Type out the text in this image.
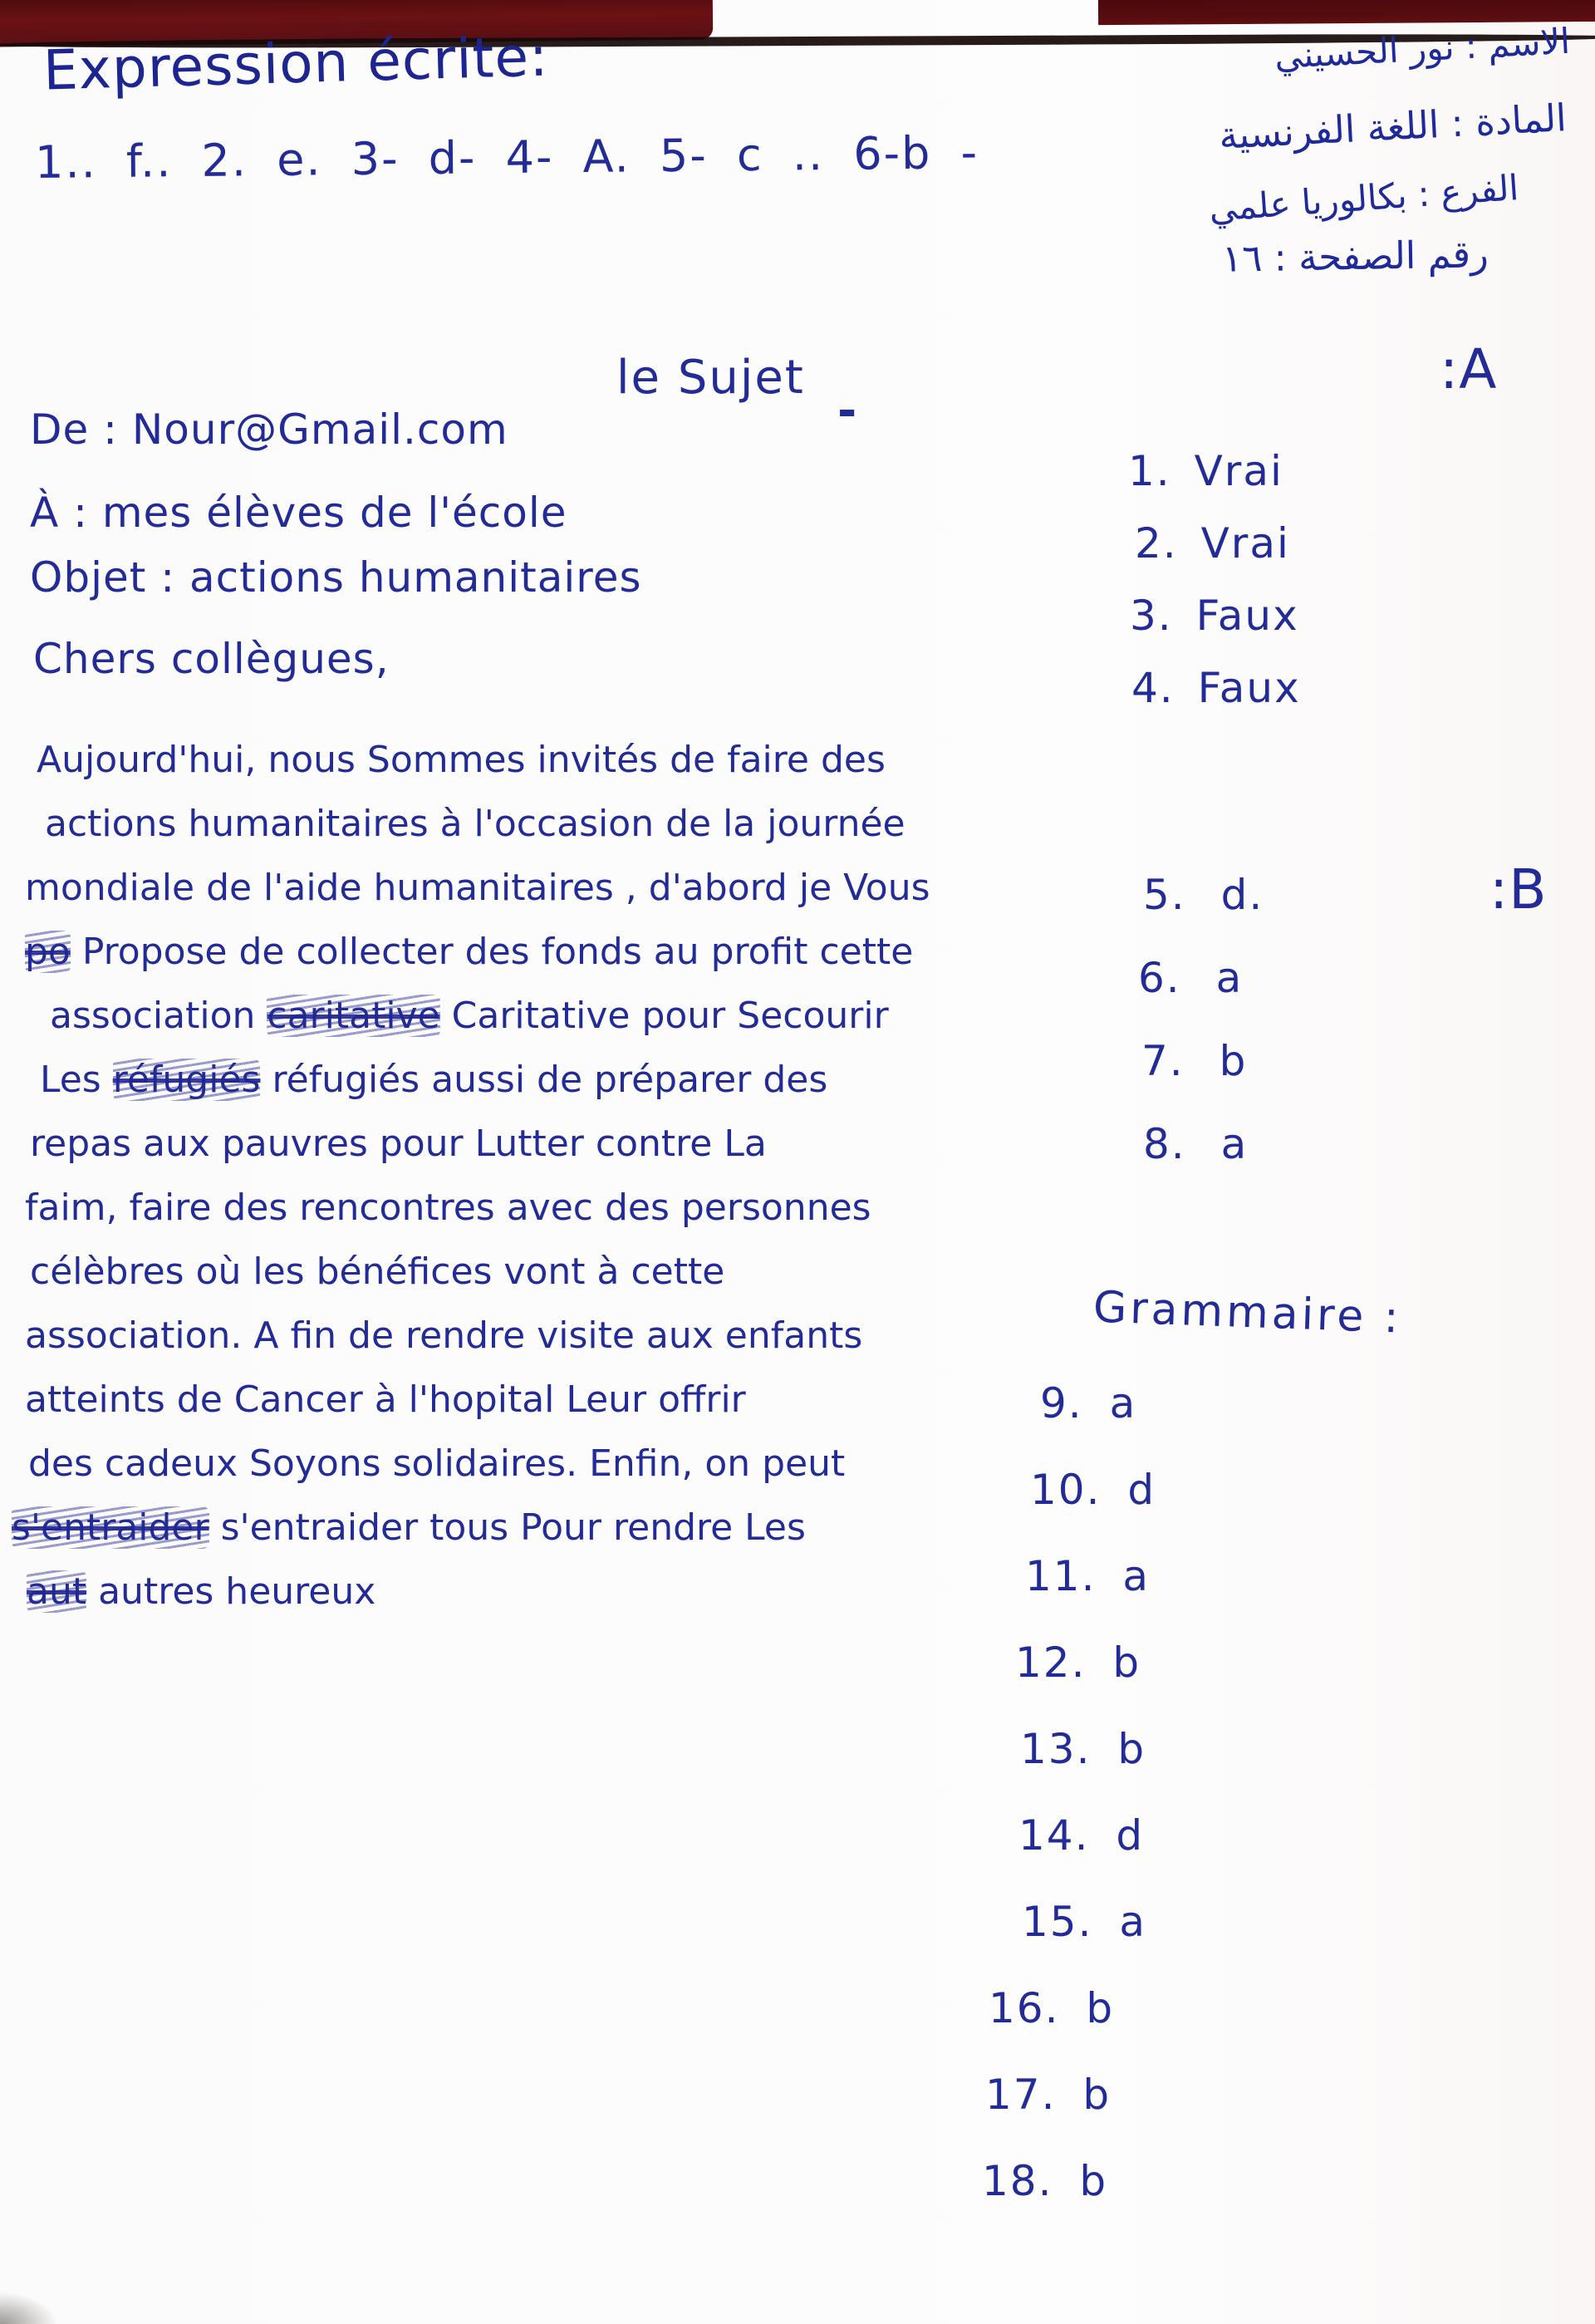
Expression écrite:
1.. f.. 2. e. 3- d- 4- A. 5- c .. 6-b -
الاسم : نور الحسيني
المادة : اللغة الفرنسية
الفرع : بكالوريا علمي
رقم الصفحة : ١٦
le Sujet
-
De : Nour@Gmail.com
À : mes élèves de l'école
Objet : actions humanitaires
Chers collègues,
Aujourd'hui, nous Sommes invités de faire des
actions humanitaires à l'occasion de la journée
mondiale de l'aide humanitaires , d'abord je Vous
po Propose de collecter des fonds au profit cette
association caritative Caritative pour Secourir
Les réfugiés réfugiés aussi de préparer des
repas aux pauvres pour Lutter contre La
faim, faire des rencontres avec des personnes
célèbres où les bénéfices vont à cette
association. A fin de rendre visite aux enfants
atteints de Cancer à l'hopital Leur offrir
des cadeux Soyons solidaires. Enfin, on peut
s'entraider s'entraider tous Pour rendre Les
aut autres heureux
:A
1. Vrai
2. Vrai
3. Faux
4. Faux
:B
5. d.
6. a
7. b
8. a
Grammaire :
9. a
10. d
11. a
12. b
13. b
14. d
15. a
16. b
17. b
18. b
